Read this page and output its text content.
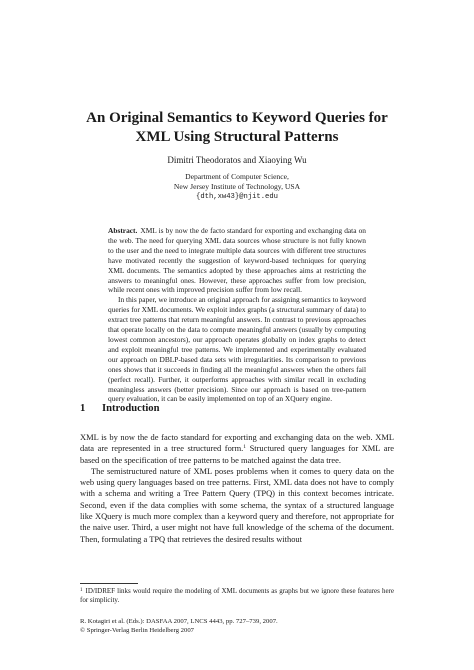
An Original Semantics to Keyword Queries for XML Using Structural Patterns
Dimitri Theodoratos and Xiaoying Wu
Department of Computer Science,
New Jersey Institute of Technology, USA
{dth,xw43}@njit.edu

Abstract. XML is by now the de facto standard for exporting and exchanging data on the web. The need for querying XML data sources whose structure is not fully known to the user and the need to integrate multiple data sources with different tree structures have motivated recently the suggestion of keyword-based techniques for querying XML documents. The semantics adopted by these approaches aims at restricting the answers to meaningful ones. However, these approaches suffer from low precision, while recent ones with improved precision suffer from low recall.

In this paper, we introduce an original approach for assigning semantics to keyword queries for XML documents. We exploit index graphs (a structural summary of data) to extract tree patterns that return meaningful answers. In contrast to previous approaches that operate locally on the data to compute meaningful answers (usually by computing lowest common ancestors), our approach operates globally on index graphs to detect and exploit meaningful tree patterns. We implemented and experimentally evaluated our approach on DBLP-based data sets with irregularities. Its comparison to previous ones shows that it succeeds in finding all the meaningful answers when the others fail (perfect recall). Further, it outperforms approaches with similar recall in excluding meaningless answers (better precision). Since our approach is based on tree-pattern query evaluation, it can be easily implemented on top of an XQuery engine.

1 Introduction

XML is by now the de facto standard for exporting and exchanging data on the web. XML data are represented in a tree structured form.$^1$ Structured query languages for XML are based on the specification of tree patterns to be matched against the data tree.

The semistructured nature of XML poses problems when it comes to query data on the web using query languages based on tree patterns. First, XML data does not have to comply with a schema and writing a Tree Pattern Query (TPQ) in this context becomes intricate. Second, even if the data complies with some schema, the syntax of a structured language like XQuery is much more complex than a keyword query and therefore, not appropriate for the naive user. Third, a user might not have full knowledge of the schema of the document. Then, formulating a TPQ that retrieves the desired results without

$^1$ ID/IDREF links would require the modeling of XML documents as graphs but we ignore these features here for simplicity.
R. Kotagiri et al. (Eds.): DASFAA 2007, LNCS 4443, pp. 727–739, 2007.
© Springer-Verlag Berlin Heidelberg 2007
